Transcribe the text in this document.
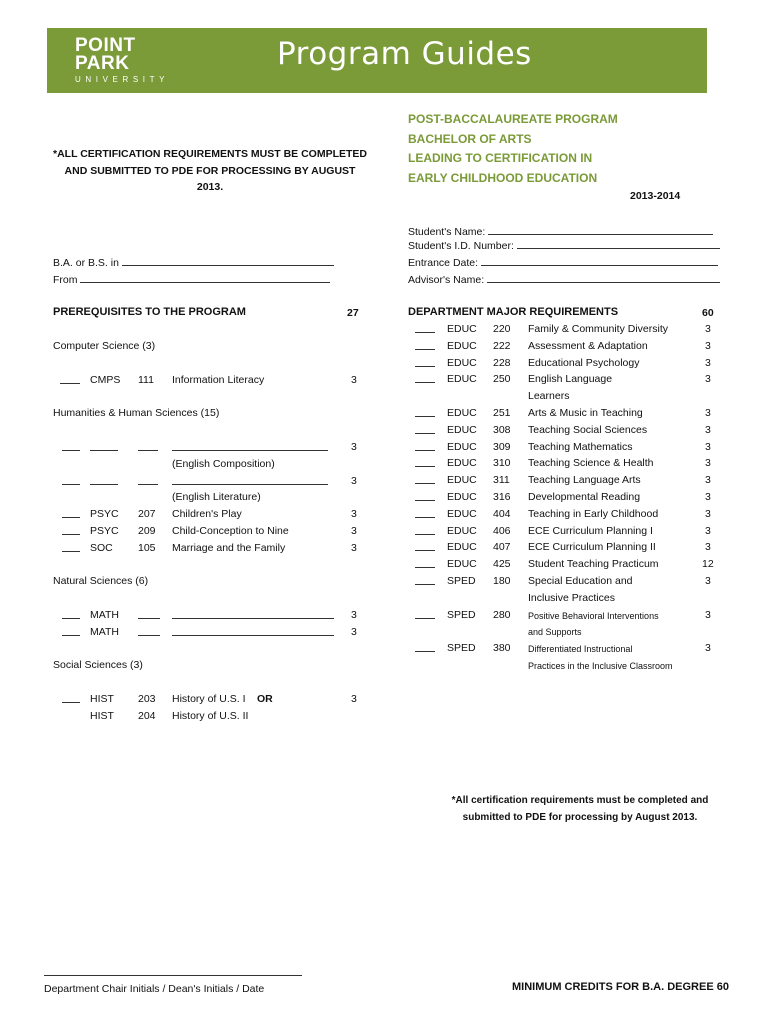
POINT
PARK
UNIVERSITY
Program Guides
POST-BACCALAUREATE PROGRAM
BACHELOR OF ARTS
LEADING TO CERTIFICATION IN
EARLY CHILDHOOD EDUCATION
*ALL CERTIFICATION REQUIREMENTS MUST BE COMPLETED
AND SUBMITTED TO PDE FOR PROCESSING BY AUGUST
2013.
2013-2014
Student's Name:
Student's I.D. Number:
Entrance Date:
Advisor's Name:
B.A. or B.S. in
From
PREREQUISITES TO THE PROGRAM	27
Computer Science (3)
CMPS 111 Information Literacy	3
Humanities & Human Sciences (15)
3
(English Composition)
3
(English Literature)
PSYC 207 Children's Play	3
PSYC 209 Child-Conception to Nine	3
SOC 105 Marriage and the Family	3
Natural Sciences (6)
MATH	3
MATH	3
Social Sciences (3)
HIST 203 History of U.S. I OR	3
HIST 204 History of U.S. II
DEPARTMENT MAJOR REQUIREMENTS	60
EDUC 220 Family & Community Diversity	3
EDUC 222 Assessment & Adaptation	3
EDUC 228 Educational Psychology	3
EDUC 250 English Language	3
Learners
EDUC 251 Arts & Music in Teaching	3
EDUC 308 Teaching Social Sciences	3
EDUC 309 Teaching Mathematics	3
EDUC 310 Teaching Science & Health	3
EDUC 311 Teaching Language Arts	3
EDUC 316 Developmental Reading	3
EDUC 404 Teaching in Early Childhood	3
EDUC 406 ECE Curriculum Planning I	3
EDUC 407 ECE Curriculum Planning II	3
EDUC 425 Student Teaching Practicum	12
SPED 180 Special Education and	3
Inclusive Practices
SPED 280 Positive Behavioral Interventions	3
and Supports
SPED 380 Differentiated Instructional	3
Practices in the Inclusive Classroom
*All certification requirements must be completed and
submitted to PDE for processing by August 2013.
Department Chair Initials / Dean's Initials / Date	MINIMUM CREDITS FOR B.A. DEGREE 60
